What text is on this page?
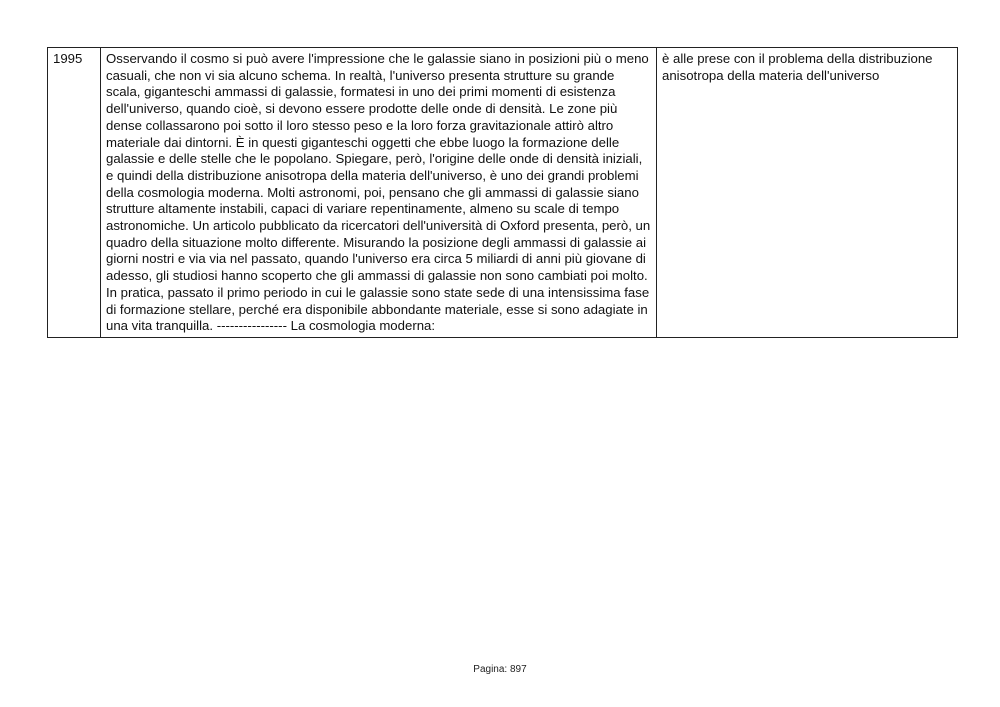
1995	Osservando il cosmo si può avere l'impressione che le galassie siano in posizioni più o meno casuali, che non vi sia alcuno schema. In realtà, l'universo presenta strutture su grande scala, giganteschi ammassi di galassie, formatesi in uno dei primi momenti di esistenza dell'universo, quando cioè, si devono essere prodotte delle onde di densità. Le zone più dense collassarono poi sotto il loro stesso peso e la loro forza gravitazionale attirò altro materiale dai dintorni. È in questi giganteschi oggetti che ebbe luogo la formazione delle galassie e delle stelle che le popolano. Spiegare, però, l'origine delle onde di densità iniziali, e quindi della distribuzione anisotropa della materia dell'universo, è uno dei grandi problemi della cosmologia moderna. Molti astronomi, poi, pensano che gli ammassi di galassie siano strutture altamente instabili, capaci di variare repentinamente, almeno su scale di tempo astronomiche. Un articolo pubblicato da ricercatori dell'università di Oxford presenta, però, un quadro della situazione molto differente. Misurando la posizione degli ammassi di galassie ai giorni nostri e via via nel passato, quando l'universo era circa 5 miliardi di anni più giovane di adesso, gli studiosi hanno scoperto che gli ammassi di galassie non sono cambiati poi molto. In pratica, passato il primo periodo in cui le galassie sono state sede di una intensissima fase di formazione stellare, perché era disponibile abbondante materiale, esse si sono adagiate in una vita tranquilla. ---------------- La cosmologia moderna:	è alle prese con il problema della distribuzione anisotropa della materia dell'universo
Pagina: 897
